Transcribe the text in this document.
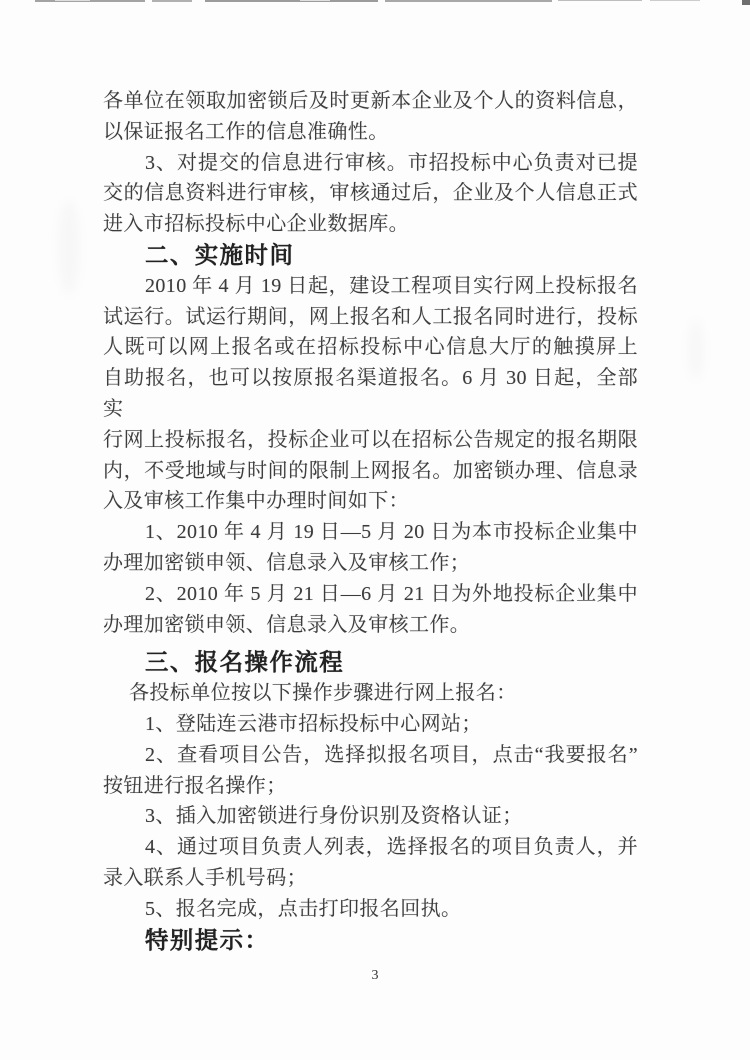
各单位在领取加密锁后及时更新本企业及个人的资料信息，

以保证报名工作的信息准确性。

3、对提交的信息进行审核。市招投标中心负责对已提

交的信息资料进行审核，审核通过后，企业及个人信息正式

进入市招标投标中心企业数据库。

二、实施时间

2010 年 4 月 19 日起，建设工程项目实行网上投标报名

试运行。试运行期间，网上报名和人工报名同时进行，投标

人既可以网上报名或在招标投标中心信息大厅的触摸屏上

自助报名，也可以按原报名渠道报名。6 月 30 日起，全部实

行网上投标报名，投标企业可以在招标公告规定的报名期限

内，不受地域与时间的限制上网报名。加密锁办理、信息录

入及审核工作集中办理时间如下：

1、2010 年 4 月 19 日—5 月 20 日为本市投标企业集中

办理加密锁申领、信息录入及审核工作；

2、2010 年 5 月 21 日—6 月 21 日为外地投标企业集中

办理加密锁申领、信息录入及审核工作。

三、报名操作流程

各投标单位按以下操作步骤进行网上报名：

1、登陆连云港市招标投标中心网站；

2、查看项目公告，选择拟报名项目，点击“我要报名”

按钮进行报名操作；

3、插入加密锁进行身份识别及资格认证；

4、通过项目负责人列表，选择报名的项目负责人，并

录入联系人手机号码；

5、报名完成，点击打印报名回执。

特别提示：
3
